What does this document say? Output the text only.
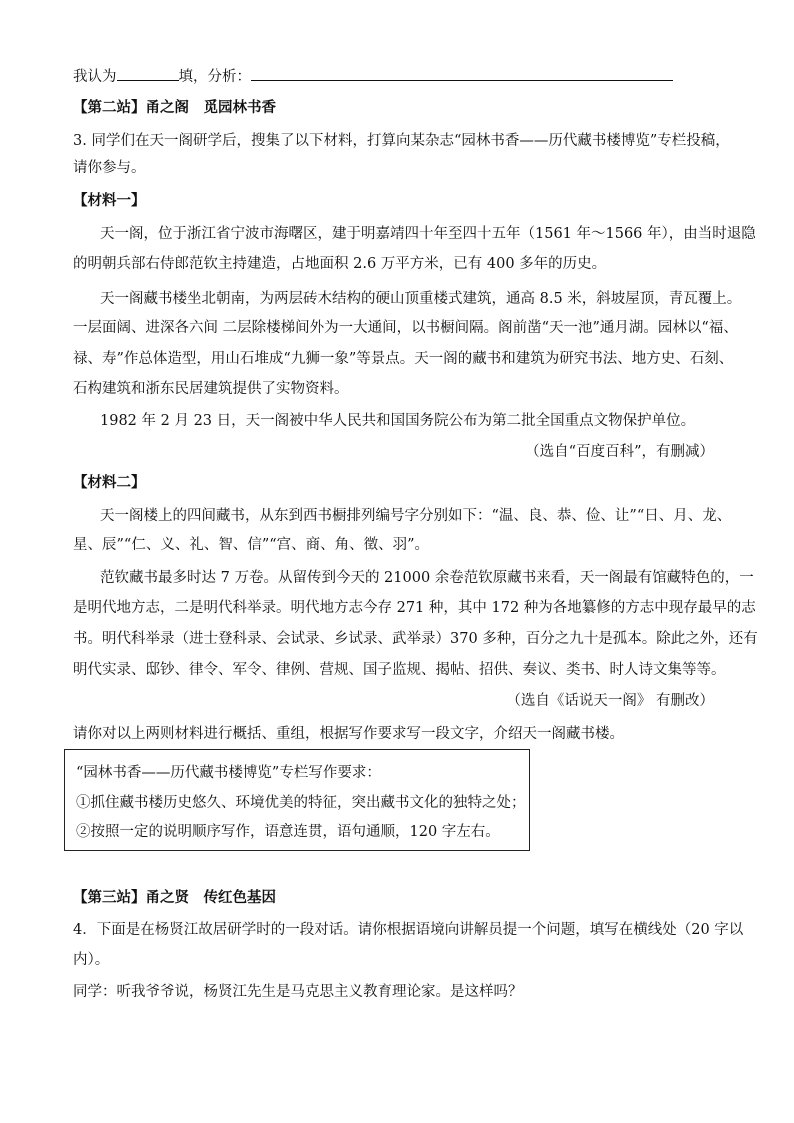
我认为	填，分析：
【第二站】甬之阁　觅园林书香
3. 同学们在天一阁研学后，搜集了以下材料，打算向某杂志“园林书香——历代藏书楼博览”专栏投稿，
请你参与。
【材料一】
天一阁，位于浙江省宁波市海曙区，建于明嘉靖四十年至四十五年（1561 年～1566 年），由当时退隐
的明朝兵部右侍郎范钦主持建造，占地面积 2.6 万平方米，已有 400 多年的历史。
天一阁藏书楼坐北朝南，为两层砖木结构的硬山顶重楼式建筑，通高 8.5 米，斜坡屋顶，青瓦覆上。
一层面阔、进深各六间 二层除楼梯间外为一大通间，以书橱间隔。阁前凿“天一池”通月湖。园林以“福、
禄、寿”作总体造型，用山石堆成“九狮一象”等景点。天一阁的藏书和建筑为研究书法、地方史、石刻、
石构建筑和浙东民居建筑提供了实物资料。
1982 年 2 月 23 日，天一阁被中华人民共和国国务院公布为第二批全国重点文物保护单位。
（选自“百度百科”，有删减）
【材料二】
天一阁楼上的四间藏书，从东到西书橱排列编号字分别如下：“温、良、恭、俭、让”“日、月、龙、
星、辰”“仁、义、礼、智、信”“宫、商、角、徵、羽”。
范钦藏书最多时达 7 万卷。从留传到今天的 21000 余卷范钦原藏书来看，天一阁最有馆藏特色的，一
是明代地方志，二是明代科举录。明代地方志今存 271 种，其中 172 种为各地纂修的方志中现存最早的志
书。明代科举录（进士登科录、会试录、乡试录、武举录）370 多种，百分之九十是孤本。除此之外，还有
明代实录、邸钞、律令、军令、律例、营规、国子监规、揭帖、招供、奏议、类书、时人诗文集等等。
（选自《话说天一阁》 有删改）
请你对以上两则材料进行概括、重组，根据写作要求写一段文字，介绍天一阁藏书楼。
“园林书香——历代藏书楼博览”专栏写作要求：
①抓住藏书楼历史悠久、环境优美的特征，突出藏书文化的独特之处；
②按照一定的说明顺序写作，语意连贯，语句通顺，120 字左右。
【第三站】甬之贤　传红色基因
4．下面是在杨贤江故居研学时的一段对话。请你根据语境向讲解员提一个问题，填写在横线处（20 字以
内）。
同学：听我爷爷说，杨贤江先生是马克思主义教育理论家。是这样吗？
